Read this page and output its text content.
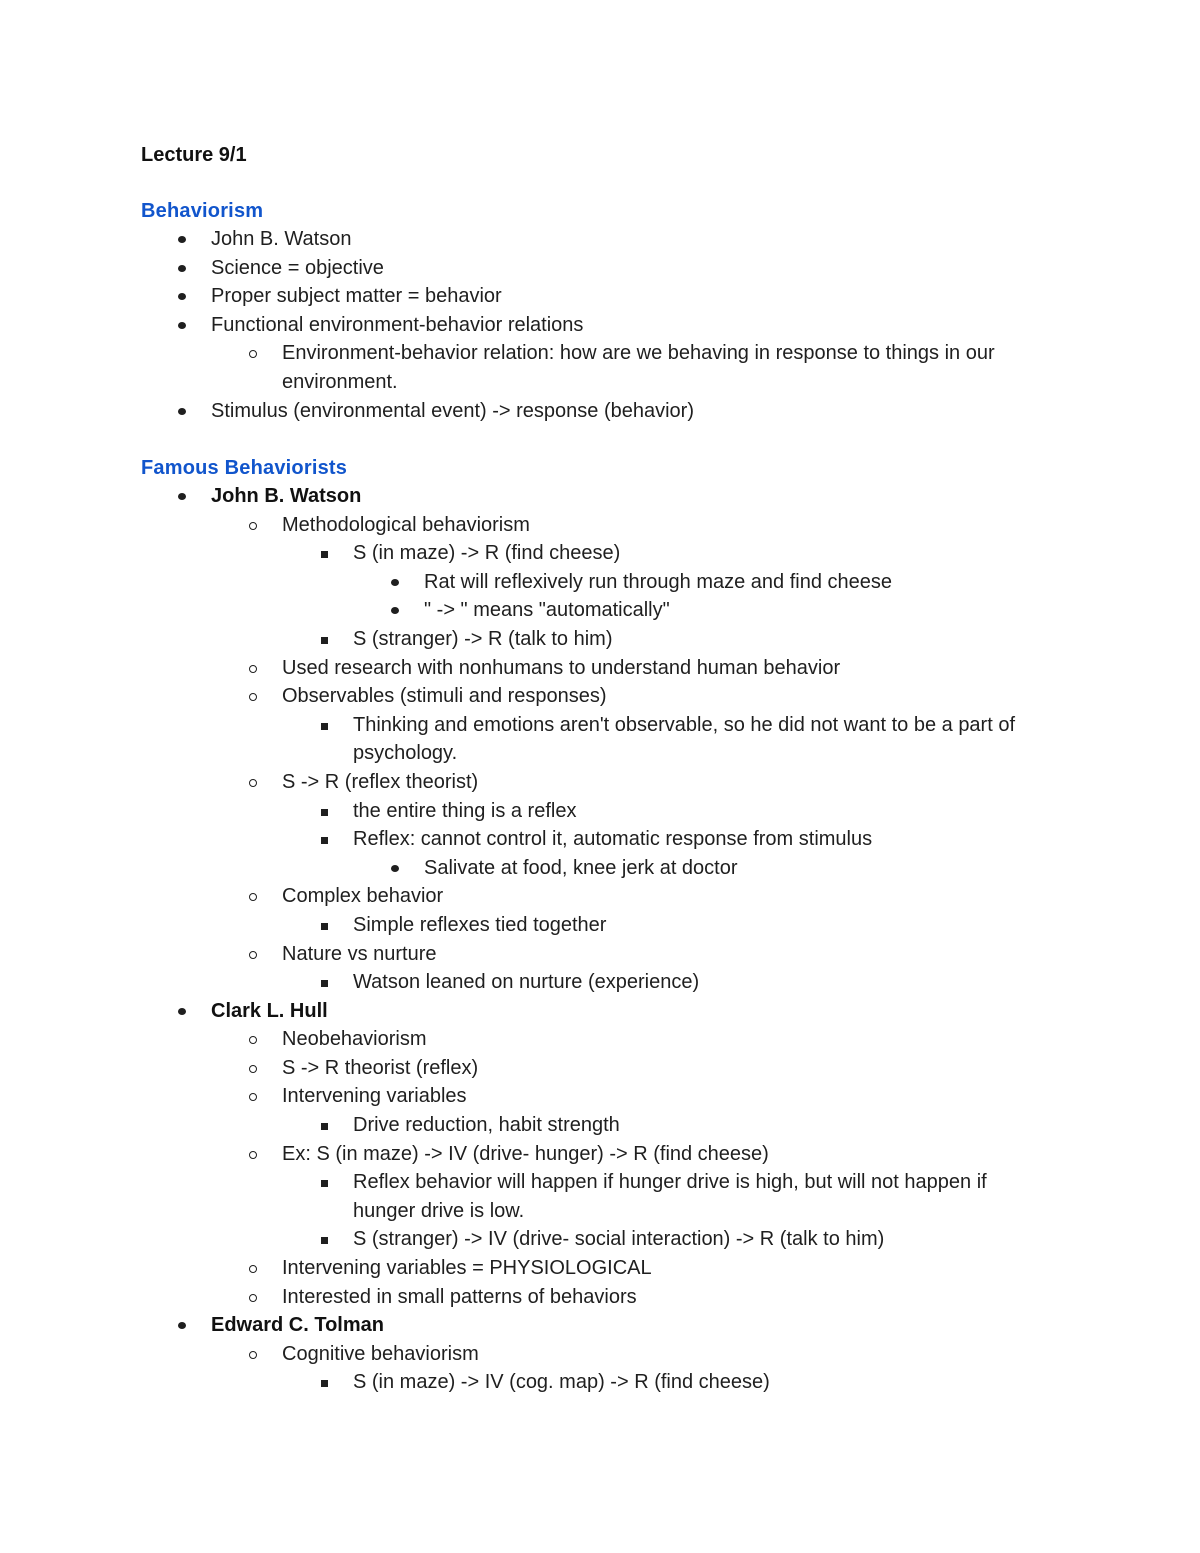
Lecture 9/1
Behaviorism
John B. Watson
Science = objective
Proper subject matter = behavior
Functional environment-behavior relations
Environment-behavior relation: how are we behaving in response to things in our environment.
Stimulus (environmental event) -> response (behavior)
Famous Behaviorists
John B. Watson
Methodological behaviorism
S (in maze) -> R (find cheese)
Rat will reflexively run through maze and find cheese
" -> " means "automatically"
S (stranger) -> R (talk to him)
Used research with nonhumans to understand human behavior
Observables (stimuli and responses)
Thinking and emotions aren't observable, so he did not want to be a part of psychology.
S -> R (reflex theorist)
the entire thing is a reflex
Reflex: cannot control it, automatic response from stimulus
Salivate at food, knee jerk at doctor
Complex behavior
Simple reflexes tied together
Nature vs nurture
Watson leaned on nurture (experience)
Clark L. Hull
Neobehaviorism
S -> R theorist (reflex)
Intervening variables
Drive reduction, habit strength
Ex: S (in maze) -> IV (drive- hunger) -> R (find cheese)
Reflex behavior will happen if hunger drive is high, but will not happen if hunger drive is low.
S (stranger) -> IV (drive- social interaction) -> R (talk to him)
Intervening variables = PHYSIOLOGICAL
Interested in small patterns of behaviors
Edward C. Tolman
Cognitive behaviorism
S (in maze) -> IV (cog. map) -> R (find cheese)
